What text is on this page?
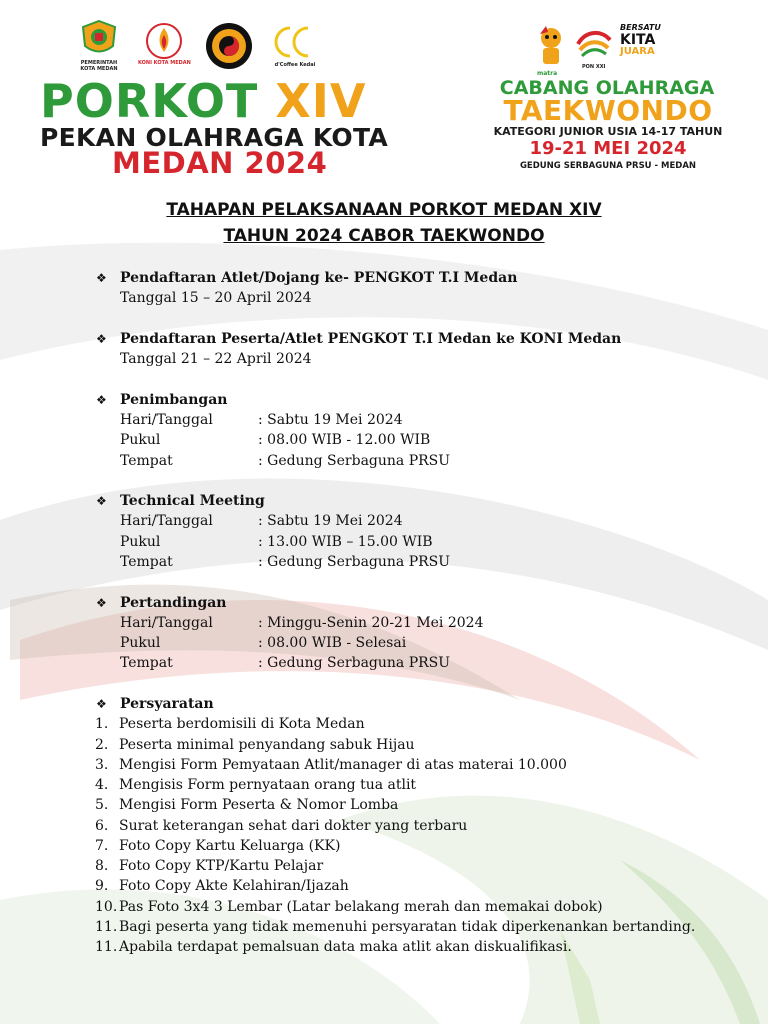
PEMERINTAH KOTA MEDAN
KONI KOTA MEDAN	d'Coffee Kedai
PORKOT XIV
PEKAN OLAHRAGA KOTA
MEDAN 2024
matra
PON XXI
BERSATU
KITA
JUARA
CABANG OLAHRAGA
TAEKWONDO
KATEGORI JUNIOR USIA 14-17 TAHUN
19-21 MEI 2024
GEDUNG SERBAGUNA PRSU - MEDAN
TAHAPAN PELAKSANAAN PORKOT MEDAN XIV
TAHUN 2024 CABOR TAEKWONDO
❖ Pendaftaran Atlet/Dojang ke- PENGKOT T.I Medan
Tanggal 15 – 20 April 2024
❖ Pendaftaran Peserta/Atlet PENGKOT T.I Medan ke KONI Medan
Tanggal 21 – 22 April 2024
❖ Penimbangan
Hari/Tanggal	: Sabtu 19 Mei 2024
Pukul	: 08.00 WIB - 12.00 WIB
Tempat	: Gedung Serbaguna PRSU
❖ Technical Meeting
Hari/Tanggal	: Sabtu 19 Mei 2024
Pukul	: 13.00 WIB – 15.00 WIB
Tempat	: Gedung Serbaguna PRSU
❖ Pertandingan
Hari/Tanggal	: Minggu-Senin 20-21 Mei 2024
Pukul	: 08.00 WIB - Selesai
Tempat	: Gedung Serbaguna PRSU
❖ Persyaratan
1. Peserta berdomisili di Kota Medan
2. Peserta minimal penyandang sabuk Hijau
3. Mengisi Form Pemyataan Atlit/manager di atas materai 10.000
4. Mengisis Form pernyataan orang tua atlit
5. Mengisi Form Peserta & Nomor Lomba
6. Surat keterangan sehat dari dokter yang terbaru
7. Foto Copy Kartu Keluarga (KK)
8. Foto Copy KTP/Kartu Pelajar
9. Foto Copy Akte Kelahiran/Ijazah
10. Pas Foto 3x4 3 Lembar (Latar belakang merah dan memakai dobok)
11. Bagi peserta yang tidak memenuhi persyaratan tidak diperkenankan bertanding.
11. Apabila terdapat pemalsuan data maka atlit akan diskualifikasi.
